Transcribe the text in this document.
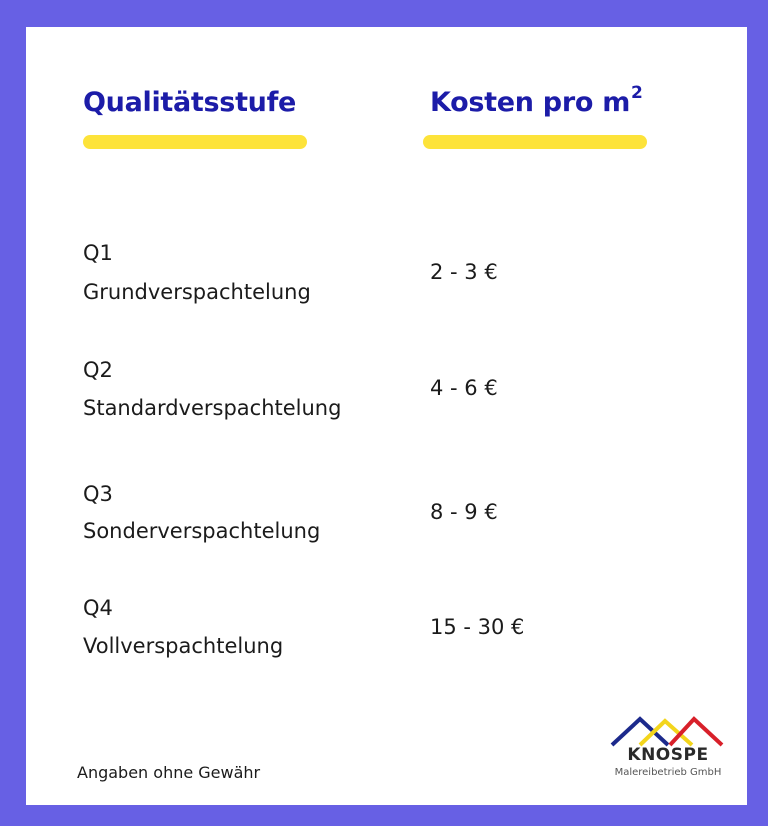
Qualitätsstufe	Kosten pro $m^2$
Q1
Grundverspachtelung
2 - 3 €
Q2
Standardverspachtelung
4 - 6 €
Q3
Sonderverspachtelung
8 - 9 €
Q4
Vollverspachtelung
15 - 30 €
Angaben ohne Gewähr
KNOSPE
Malereibetrieb GmbH
